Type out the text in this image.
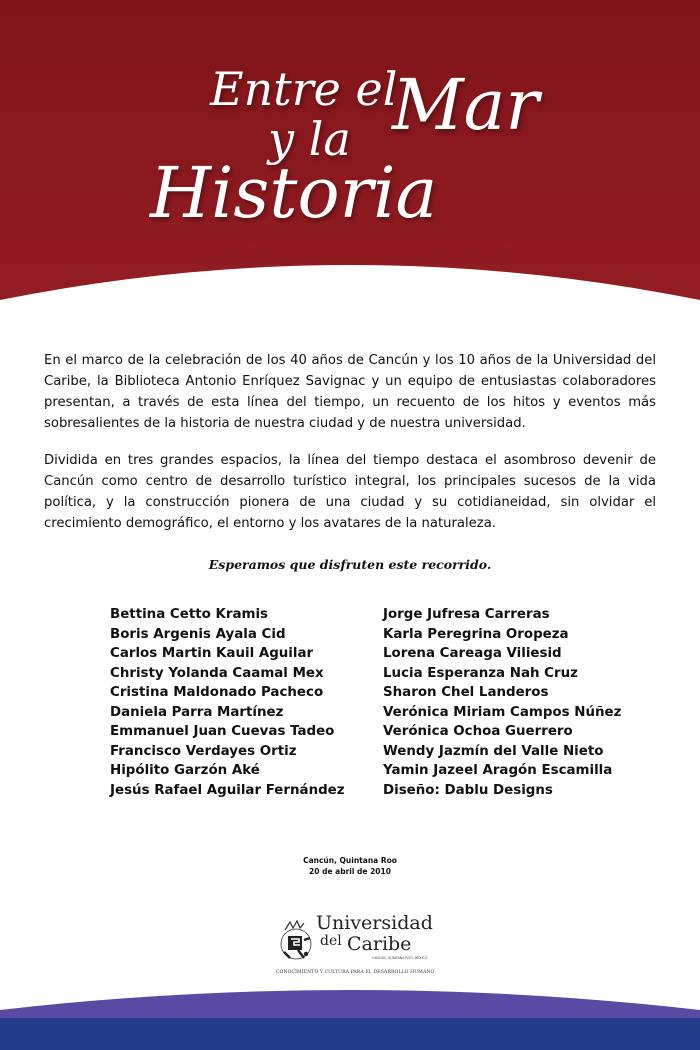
Entre el
Mar
y la
Historia

En el marco de la celebración de los 40 años de Cancún y los 10 años de la Universidad del Caribe, la Biblioteca Antonio Enríquez Savignac y un equipo de entusiastas colaboradores presentan, a través de esta línea del tiempo, un recuento de los hitos y eventos más sobresalientes de la historia de nuestra ciudad y de nuestra universidad.

Dividida en tres grandes espacios, la línea del tiempo destaca el asombroso devenir de Cancún como centro de desarrollo turístico integral, los principales sucesos de la vida política, y la construcción pionera de una ciudad y su cotidianeidad, sin olvidar el crecimiento demográfico, el entorno y los avatares de la naturaleza.

Esperamos que disfruten este recorrido.
Bettina Cetto Kramis
Boris Argenis Ayala Cid
Carlos Martin Kauil Aguilar
Christy Yolanda Caamal Mex
Cristina Maldonado Pacheco
Daniela Parra Martínez
Emmanuel Juan Cuevas Tadeo
Francisco Verdayes Ortiz
Hipólito Garzón Aké
Jesús Rafael Aguilar Fernández
Jorge Jufresa Carreras
Karla Peregrina Oropeza
Lorena Careaga Viliesid
Lucia Esperanza Nah Cruz
Sharon Chel Landeros
Verónica Miriam Campos Núñez
Verónica Ochoa Guerrero
Wendy Jazmín del Valle Nieto
Yamin Jazeel Aragón Escamilla
Diseño: Dablu Designs
Cancún, Quintana Roo
20 de abril de 2010
Universidad
del Caribe
CANCÚN, QUINTANA ROO, MÉXICO
CONOCIMIENTO Y CULTURA PARA EL DESARROLLO HUMANO
